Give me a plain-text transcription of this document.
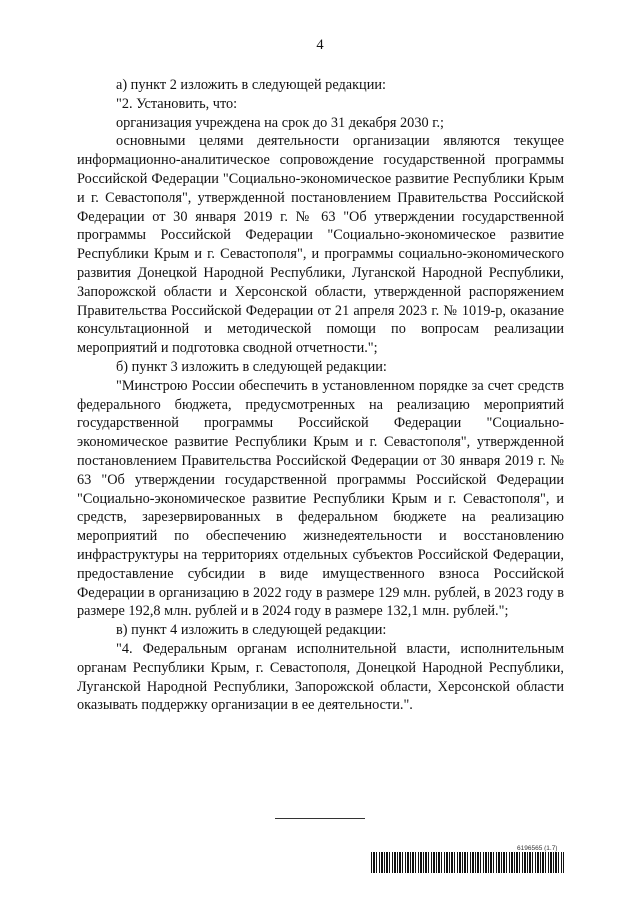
4

а) пункт 2 изложить в следующей редакции:

"2. Установить, что:

организация учреждена на срок до 31 декабря 2030 г.;

основными целями деятельности организации являются текущее информационно-аналитическое сопровождение государственной программы Российской Федерации "Социально-экономическое развитие Республики Крым и г. Севастополя", утвержденной постановлением Правительства Российской Федерации от 30 января 2019 г. № 63 "Об утверждении государственной программы Российской Федерации "Социально-экономическое развитие Республики Крым и г. Севастополя", и программы социально-экономического развития Донецкой Народной Республики, Луганской Народной Республики, Запорожской области и Херсонской области, утвержденной распоряжением Правительства Российской Федерации от 21 апреля 2023 г. № 1019-р, оказание консультационной и методической помощи по вопросам реализации мероприятий и подготовка сводной отчетности.";

б) пункт 3 изложить в следующей редакции:

"Минстрою России обеспечить в установленном порядке за счет средств федерального бюджета, предусмотренных на реализацию мероприятий государственной программы Российской Федерации "Социально-экономическое развитие Республики Крым и г. Севастополя", утвержденной постановлением Правительства Российской Федерации от 30 января 2019 г. № 63 "Об утверждении государственной программы Российской Федерации "Социально-экономическое развитие Республики Крым и г. Севастополя", и средств, зарезервированных в федеральном бюджете на реализацию мероприятий по обеспечению жизнедеятельности и восстановлению инфраструктуры на территориях отдельных субъектов Российской Федерации, предоставление субсидии в виде имущественного взноса Российской Федерации в организацию в 2022 году в размере 129 млн. рублей, в 2023 году в размере 192,8 млн. рублей и в 2024 году в размере 132,1 млн. рублей.";

в) пункт 4 изложить в следующей редакции:

"4. Федеральным органам исполнительной власти, исполнительным органам Республики Крым, г. Севастополя, Донецкой Народной Республики, Луганской Народной Республики, Запорожской области, Херсонской области оказывать поддержку организации в ее деятельности.".

6196565 (1.7)
